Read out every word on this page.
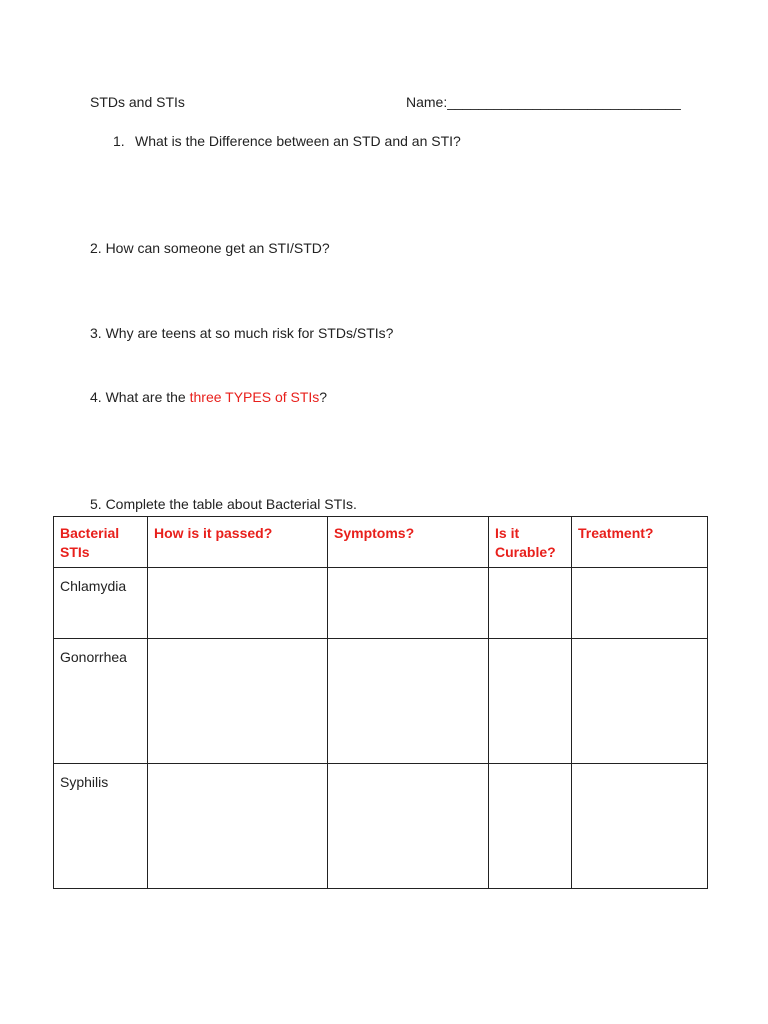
STDs and STIs	Name:______________________________
1. What is the Difference between an STD and an STI?
2. How can someone get an STI/STD?
3. Why are teens at so much risk for STDs/STIs?
4. What are the three TYPES of STIs?
5. Complete the table about Bacterial STIs.
Bacterial STIs	How is it passed?	Symptoms?	Is it Curable?	Treatment?
Chlamydia				
Gonorrhea				
Syphilis				
